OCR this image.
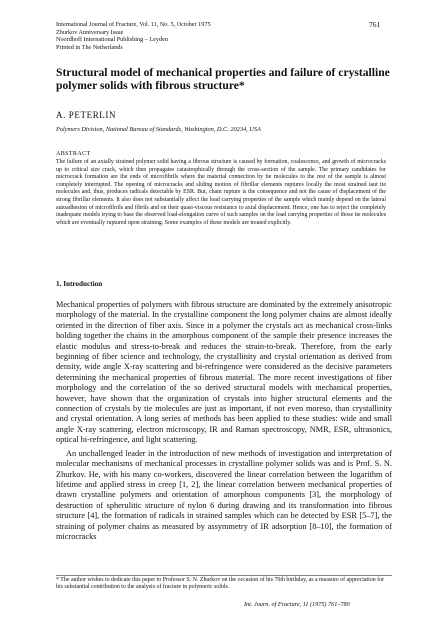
International Journal of Fracture, Vol. 11, No. 5, October 1975
Zhurkov Anniversary Issue
Noordhoff International Publishing – Leyden
Printed in The Netherlands
761
Structural model of mechanical properties and failure of crystalline polymer solids with fibrous structure*
A. PETERLIN
Polymers Division, National Bureau of Standards, Washington, D.C. 20234, USA
ABSTRACT
The failure of an axially strained polymer solid having a fibrous structure is caused by formation, coalescence, and growth of microcracks up to critical size crack, which then propagates catastrophically through the cross-section of the sample. The primary candidates for microcrack formation are the ends of microfibrils where the material connection by tie molecules to the rest of the sample is almost completely interrupted. The opening of microcracks and sliding motion of fibrillar elements ruptures locally the most strained taut tie molecules and, thus, produces radicals detectable by ESR. But, chain rupture is the consequence and not the cause of displacement of the strong fibrillar elements. It also does not substantially affect the load carrying properties of the sample which mainly depend on the lateral autoadhesion of microfibrils and fibrils and on their quasi-viscous resistance to axial displacement. Hence, one has to reject the completely inadequate models trying to base the observed load-elongation curve of such samples on the load carrying properties of those tie molecules which are eventually ruptured upon straining. Some examples of these models are treated explicitly.
1. Introduction

Mechanical properties of polymers with fibrous structure are dominated by the extremely anisotropic morphology of the material. In the crystalline component the long polymer chains are almost ideally oriented in the direction of fiber axis. Since in a polymer the crystals act as mechanical cross-links holding together the chains in the amorphous component of the sample their presence increases the elastic modulus and stress-to-break and reduces the strain-to-break. Therefore, from the early beginning of fiber science and technology, the crystallinity and crystal orientation as derived from density, wide angle X-ray scattering and bi-refringence were considered as the decisive parameters determining the mechanical properties of fibrous material. The more recent investigations of fiber morphology and the correlation of the so derived structural models with mechanical properties, however, have shown that the organization of crystals into higher structural elements and the connection of crystals by tie molecules are just as important, if not even moreso, than crystallinity and crystal orientation. A long series of methods has been applied to these studies: wide and small angle X-ray scattering, electron microscopy, IR and Raman spectroscopy, NMR, ESR, ultrasonics, optical bi-refringence, and light scattering.

An unchallenged leader in the introduction of new methods of investigation and interpretation of molecular mechanisms of mechanical processes in crystalline polymer solids was and is Prof. S. N. Zhurkov. He, with his many co-workers, discovered the linear correlation between the logarithm of lifetime and applied stress in creep [1, 2], the linear correlation between mechanical properties of drawn crystalline polymers and orientation of amorphous components [3], the morphology of destruction of spherulitic structure of nylon 6 during drawing and its transformation into fibrous structure [4], the formation of radicals in strained samples which can be detected by ESR [5–7], the straining of polymer chains as measured by assymmetry of IR adsorption [8–10], the formation of microcracks

* The author wishes to dedicate this paper to Professor S. N. Zhurkov on the occasion of his 70th birthday, as a measure of appreciation for his substantial contribution to the analysis of fracture in polymeric solids.
Int. Journ. of Fracture, 11 (1975) 761–780
